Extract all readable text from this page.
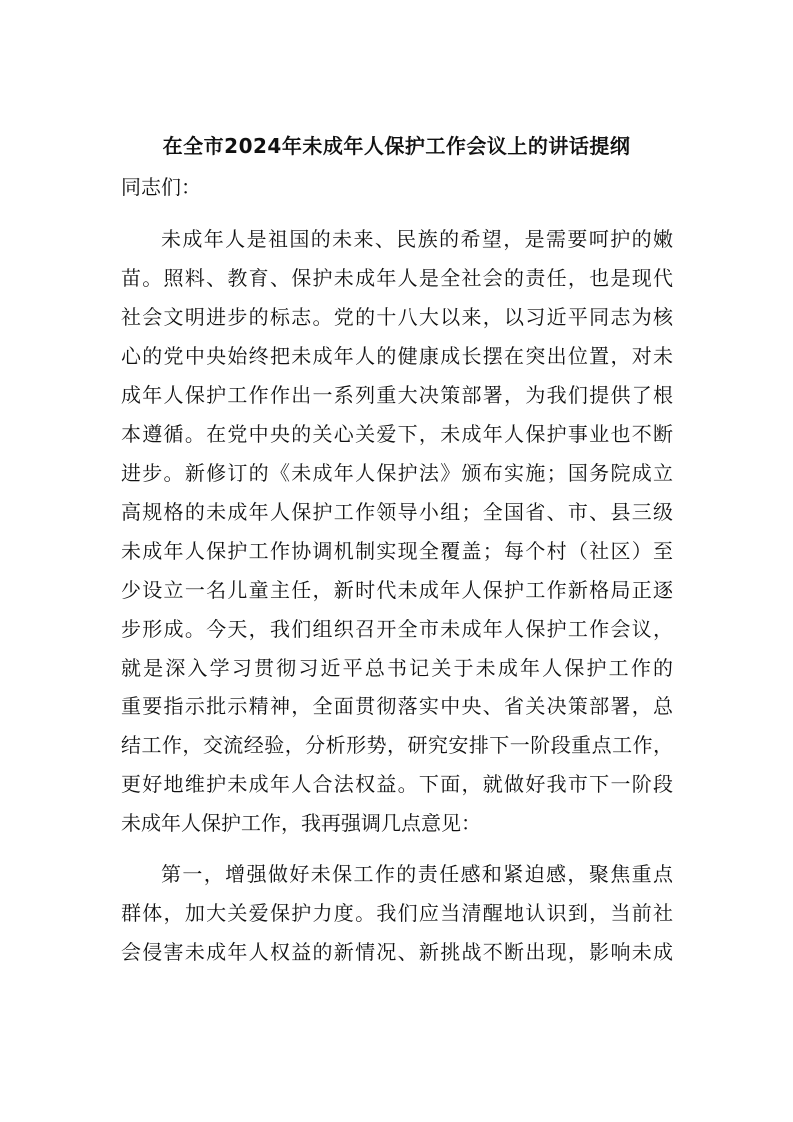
在全市2024年未成年人保护工作会议上的讲话提纲
同志们：
未成年人是祖国的未来、民族的希望，是需要呵护的嫩
苗。照料、教育、保护未成年人是全社会的责任，也是现代
社会文明进步的标志。党的十八大以来，以习近平同志为核
心的党中央始终把未成年人的健康成长摆在突出位置，对未
成年人保护工作作出一系列重大决策部署，为我们提供了根
本遵循。在党中央的关心关爱下，未成年人保护事业也不断
进步。新修订的《未成年人保护法》颁布实施；国务院成立
高规格的未成年人保护工作领导小组；全国省、市、县三级
未成年人保护工作协调机制实现全覆盖；每个村（社区）至
少设立一名儿童主任，新时代未成年人保护工作新格局正逐
步形成。今天，我们组织召开全市未成年人保护工作会议，
就是深入学习贯彻习近平总书记关于未成年人保护工作的
重要指示批示精神，全面贯彻落实中央、省关决策部署，总
结工作，交流经验，分析形势，研究安排下一阶段重点工作，
更好地维护未成年人合法权益。下面，就做好我市下一阶段
未成年人保护工作，我再强调几点意见：
第一，增强做好未保工作的责任感和紧迫感，聚焦重点
群体，加大关爱保护力度。我们应当清醒地认识到，当前社
会侵害未成年人权益的新情况、新挑战不断出现，影响未成
